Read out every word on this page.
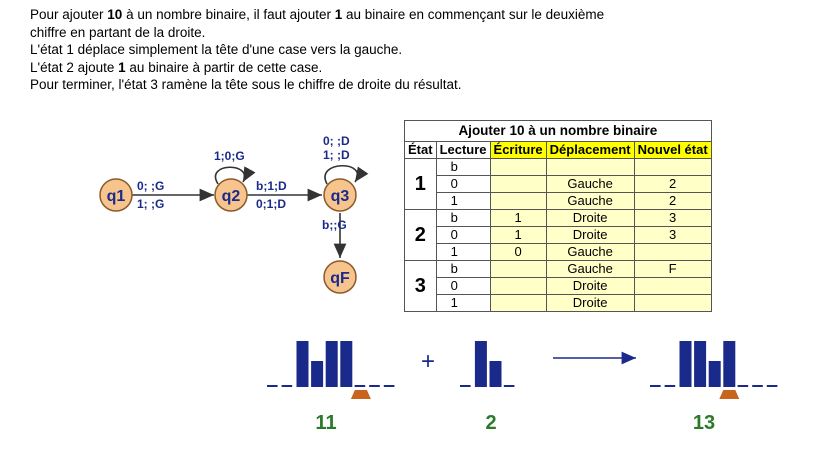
Pour ajouter 10 à un nombre binaire, il faut ajouter 1 au binaire en commençant sur le deuxième

chiffre en partant de la droite.

L'état 1 déplace simplement la tête d'une case vers la gauche.

L'état 2 ajoute 1 au binaire à partir de cette case.

Pour terminer, l'état 3 ramène la tête sous le chiffre de droite du résultat.

q1	q2	q3
qF
0; ;G
1; ;G
1;0;G
b;1;D
0;1;D
0; ;D
1; ;D
b;;G
+
11	2	13
Ajouter 10 à un nombre binaire				
État	Lecture	Écriture	Déplacement	Nouvel état
1	b			
	0		Gauche	2
	1		Gauche	2
2	b	1	Droite	3
	0	1	Droite	3
	1	0	Gauche	
3	b		Gauche	F
	0		Droite	
	1		Droite	
